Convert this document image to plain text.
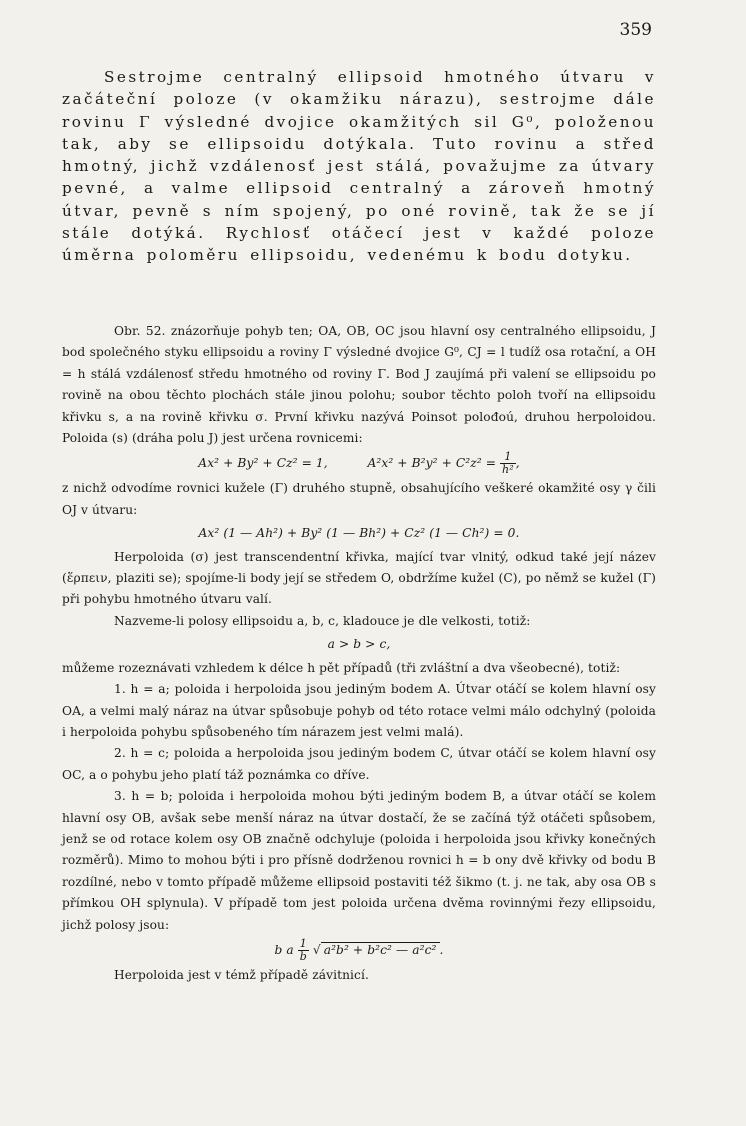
359

Sestrojme centralný ellipsoid hmotného útvaru v začáteční poloze (v okamžiku nárazu), sestrojme dále rovinu Γ výsledné dvojice okamžitých sil G⁰, položenou tak, aby se ellipsoidu dotýkala. Tuto rovinu a střed hmotný, jichž vzdálenosť jest stálá, považujme za útvary pevné, a valme ellipsoid centralný a zároveň hmotný útvar, pevně s ním spojený, po oné rovině, tak že se jí stále dotýká. Rychlosť otáčecí jest v každé poloze úměrna poloměru ellipsoidu, vedenému k bodu dotyku.

Obr. 52. znázorňuje pohyb ten; OA, OB, OC jsou hlavní osy centralného ellipsoidu, J bod společného styku ellipsoidu a roviny Γ výsledné dvojice G⁰, CJ = l tudíž osa rotační, a OH = h stálá vzdálenosť středu hmotného od roviny Γ. Bod J zaujímá při valení se ellipsoidu po rovině na obou těchto plochách stále jinou polohu; soubor těchto poloh tvoří na ellipsoidu křivku s, a na rovině křivku σ. První křivku nazývá Poinsot polođoú, druhou herpoloidou. Poloida (s) (dráha polu J) jest určena rovnicemi:

Ax² + By² + Cz² = 1,	$A^2x^2 + B^2y^2 + C^2z^2 = \frac{1}{\text{h²}}$ ,

z nichž odvodíme rovnici kužele (Γ) druhého stupně, obsahujícího veškeré okamžité osy γ čili OJ v útvaru:

Ax² (1 — Ah²) + By² (1 — Bh²) + Cz² (1 — Ch²) = 0.

Herpoloida (σ) jest transcendentní křivka, mající tvar vlnitý, odkud také její název (ἕρπειν, plaziti se); spojíme-li body její se středem O, obdržíme kužel (C), po němž se kužel (Γ) při pohybu hmotného útvaru valí.

Nazveme-li polosy ellipsoidu a, b, c, kladouce je dle velkosti, totiž:

a > b > c,

můžeme rozeznávati vzhledem k délce h pět případů (tři zvláštní a dva všeobecné), totiž:

1. h = a; poloida i herpoloida jsou jediným bodem A. Útvar otáčí se kolem hlavní osy OA, a velmi malý náraz na útvar spůsobuje pohyb od této rotace velmi málo odchylný (poloida i herpoloida pohybu spůsobeného tím nárazem jest velmi malá).

2. h = c; poloida a herpoloida jsou jediným bodem C, útvar otáčí se kolem hlavní osy OC, a o pohybu jeho platí táž poznámka co dříve.

3. h = b; poloida i herpoloida mohou býti jediným bodem B, a útvar otáčí se kolem hlavní osy OB, avšak sebe menší náraz na útvar dostačí, že se začíná týž otáčeti spůsobem, jenž se od rotace kolem osy OB značně odchyluje (poloida i herpoloida jsou křivky konečných rozměrů). Mimo to mohou býti i pro přísně dodrženou rovnici h = b ony dvě křivky od bodu B rozdílné, nebo v tomto případě můžeme ellipsoid postaviti též šikmo (t. j. ne tak, aby osa OB s přímkou OH splynula). V případě tom jest poloida určena dvěma rovinnými řezy ellipsoidu, jichž polosy jsou:

b a $\frac{1}{b}$ √ a²b² + b²c² — a²c² .

Herpoloida jest v témž případě závitnicí.
